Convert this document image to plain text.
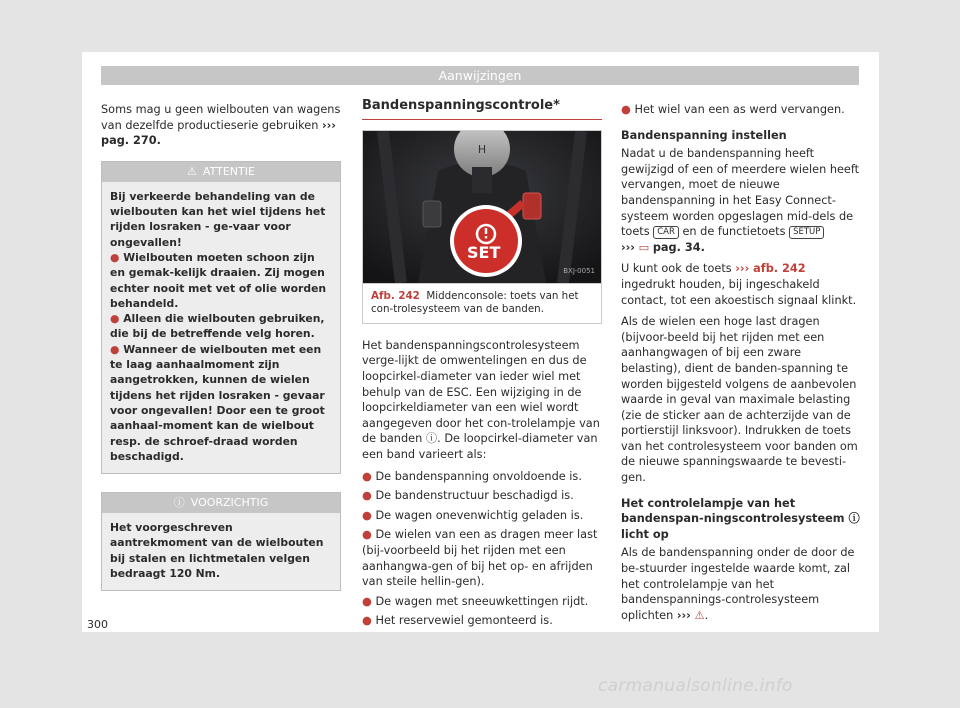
Aanwijzingen

Soms mag u geen wielbouten van wagens van dezelfde productieserie gebruiken ››› pag. 270.

⚠ ATTENTIE

Bij verkeerde behandeling van de wielbouten kan het wiel tijdens het rijden losraken - ge-vaar voor ongevallen!

● Wielbouten moeten schoon zijn en gemak-kelijk draaien. Zij mogen echter nooit met vet of olie worden behandeld.

● Alleen die wielbouten gebruiken, die bij de betreffende velg horen.

● Wanneer de wielbouten met een te laag aanhaalmoment zijn aangetrokken, kunnen de wielen tijdens het rijden losraken - gevaar voor ongevallen! Door een te groot aanhaal-moment kan de wielbout resp. de schroef-draad worden beschadigd.

ⓘ VOORZICHTIG

Het voorgeschreven aantrekmoment van de wielbouten bij stalen en lichtmetalen velgen bedraagt 120 Nm.

Bandenspanningscontrole*
H
SET
BXJ-0051
Afb. 242 Middenconsole: toets van het con-trolesysteem van de banden.

Het bandenspanningscontrolesysteem verge-lijkt de omwentelingen en dus de loopcirkel-diameter van ieder wiel met behulp van de ESC. Een wijziging in de loopcirkeldiameter van een wiel wordt aangegeven door het con-trolelampje van de banden ⓘ. De loopcirkel-diameter van een band varieert als:

● De bandenspanning onvoldoende is.

● De bandenstructuur beschadigd is.

● De wagen onevenwichtig geladen is.

● De wielen van een as dragen meer last (bij-voorbeeld bij het rijden met een aanhangwa-gen of bij het op- en afrijden van steile hellin-gen).

● De wagen met sneeuwkettingen rijdt.

● Het reservewiel gemonteerd is.

● Het wiel van een as werd vervangen.

Bandenspanning instellen

Nadat u de bandenspanning heeft gewijzigd of een of meerdere wielen heeft vervangen, moet de nieuwe bandenspanning in het Easy Connect-systeem worden opgeslagen mid-dels de toets CAR en de functietoets SETUP
››› ▭ pag. 34.

U kunt ook de toets ››› afb. 242 ingedrukt houden, bij ingeschakeld contact, tot een akoestisch signaal klinkt.

Als de wielen een hoge last dragen (bijvoor-beeld bij het rijden met een aanhangwagen of bij een zware belasting), dient de banden-spanning te worden bijgesteld volgens de aanbevolen waarde in geval van maximale belasting (zie de sticker aan de achterzijde van de portierstijl linksvoor). Indrukken de toets van het controlesysteem voor banden om de nieuwe spanningswaarde te bevesti-gen.

Het controlelampje van het bandenspan-ningscontrolesysteem ⓘ licht op

Als de bandenspanning onder de door de be-stuurder ingestelde waarde komt, zal het controlelampje van het bandenspannings-controlesysteem oplichten ››› ⚠.

300
carmanualsonline.info
